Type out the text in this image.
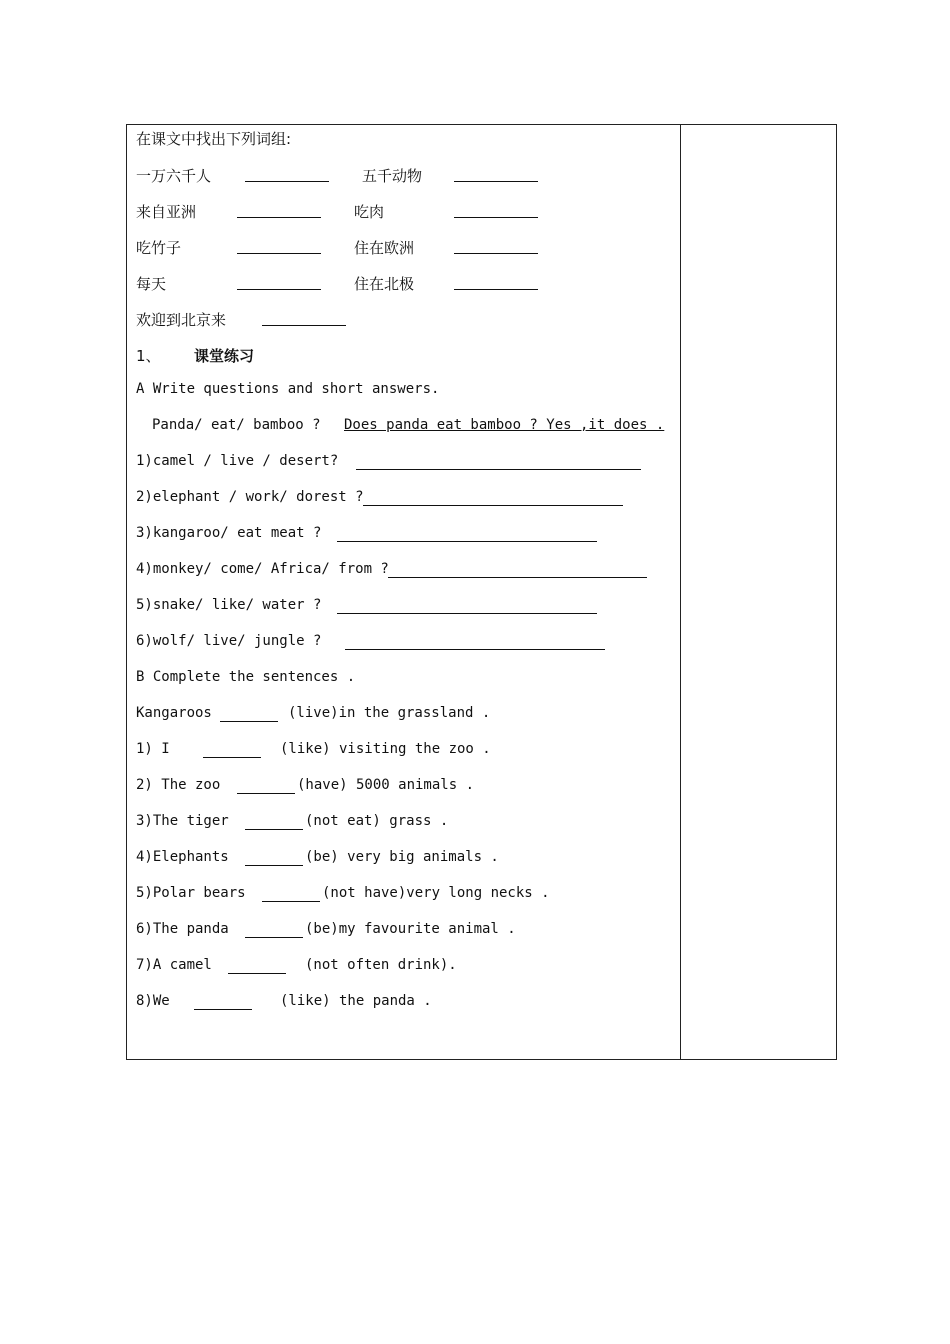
在课文中找出下列词组:
一万六千人	五千动物
来自亚洲	吃肉
吃竹子	住在欧洲
每天	住在北极
欢迎到北京来
1、 课堂练习
A Write questions and short answers.
Panda/ eat/ bamboo ? Does panda eat bamboo ? Yes ,it does .
1)camel / live / desert?
2)elephant / work/ dorest ?
3)kangaroo/ eat meat ?
4)monkey/ come/ Africa/ from ?
5)snake/ like/ water ?
6)wolf/ live/ jungle ?
B Complete the sentences .
Kangaroos	(live)in the grassland .
1) I	(like) visiting the zoo .
2) The zoo	(have) 5000 animals .
3)The tiger	(not eat) grass .
4)Elephants	(be) very big animals .
5)Polar bears	(not have)very long necks .
6)The panda	(be)my favourite animal .
7)A camel	(not often drink).
8)We	(like) the panda .
